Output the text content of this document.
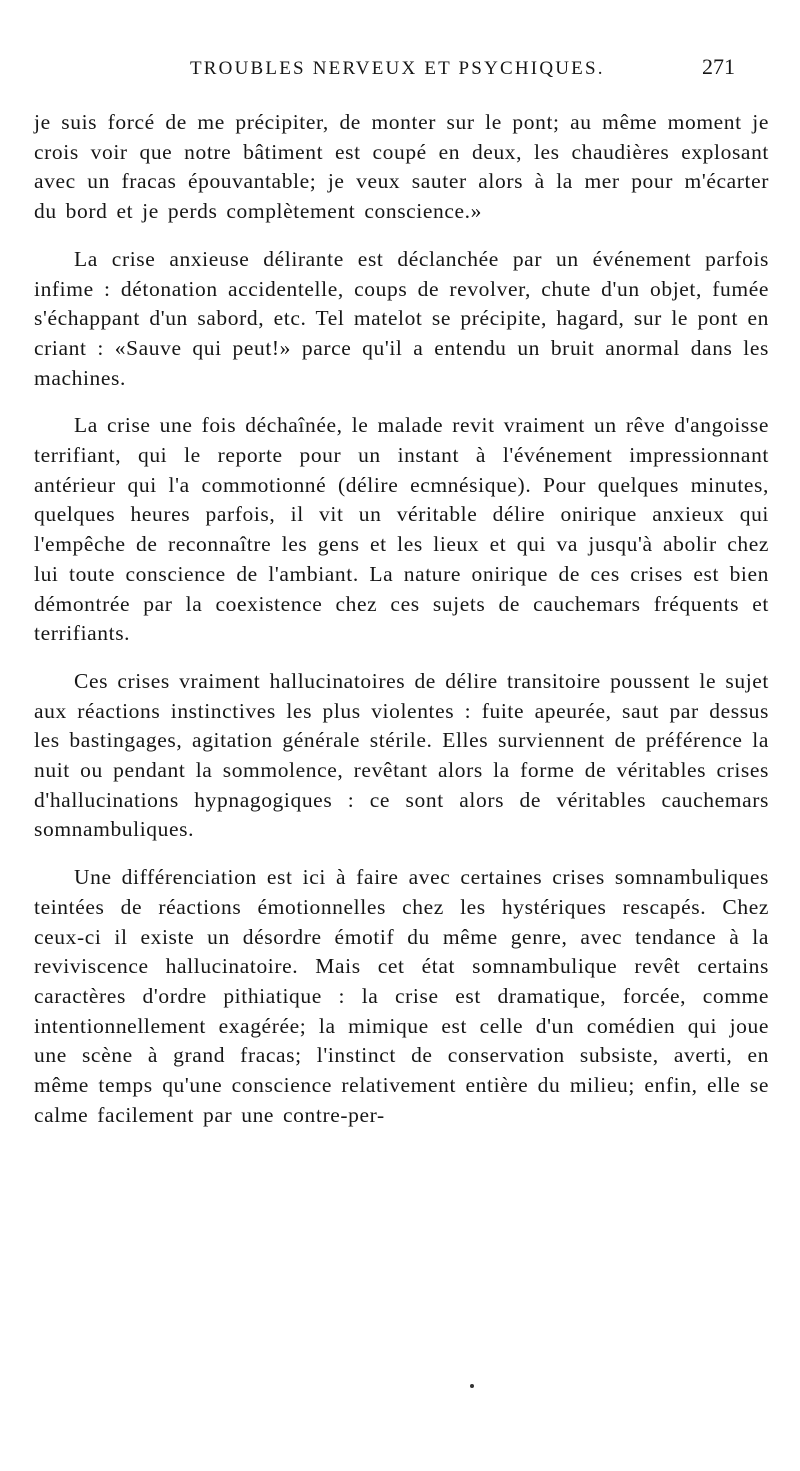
TROUBLES NERVEUX ET PSYCHIQUES.	271

je suis forcé de me précipiter, de monter sur le pont; au même moment je crois voir que notre bâtiment est coupé en deux, les chaudières explosant avec un fracas épouvantable; je veux sauter alors à la mer pour m'écarter du bord et je perds complètement conscience.»

La crise anxieuse délirante est déclanchée par un événement parfois infime : détonation accidentelle, coups de revolver, chute d'un objet, fumée s'échappant d'un sabord, etc. Tel matelot se précipite, hagard, sur le pont en criant : «Sauve qui peut!» parce qu'il a entendu un bruit anormal dans les machines.

La crise une fois déchaînée, le malade revit vraiment un rêve d'angoisse terrifiant, qui le reporte pour un instant à l'événement impressionnant antérieur qui l'a commotionné (délire ecmnésique). Pour quelques minutes, quelques heures parfois, il vit un véritable délire onirique anxieux qui l'empêche de reconnaître les gens et les lieux et qui va jusqu'à abolir chez lui toute conscience de l'ambiant. La nature onirique de ces crises est bien démontrée par la coexistence chez ces sujets de cauchemars fréquents et terrifiants.

Ces crises vraiment hallucinatoires de délire transitoire poussent le sujet aux réactions instinctives les plus violentes : fuite apeurée, saut par dessus les bastingages, agitation générale stérile. Elles surviennent de préférence la nuit ou pendant la sommolence, revêtant alors la forme de véritables crises d'hallucinations hypnagogiques : ce sont alors de véritables cauchemars somnambuliques.

Une différenciation est ici à faire avec certaines crises somnambuliques teintées de réactions émotionnelles chez les hystériques rescapés. Chez ceux-ci il existe un désordre émotif du même genre, avec tendance à la reviviscence hallucinatoire. Mais cet état somnambulique revêt certains caractères d'ordre pithiatique : la crise est dramatique, forcée, comme intentionnellement exagérée; la mimique est celle d'un comédien qui joue une scène à grand fracas; l'instinct de conservation subsiste, averti, en même temps qu'une conscience relativement entière du milieu; enfin, elle se calme facilement par une contre-per-
